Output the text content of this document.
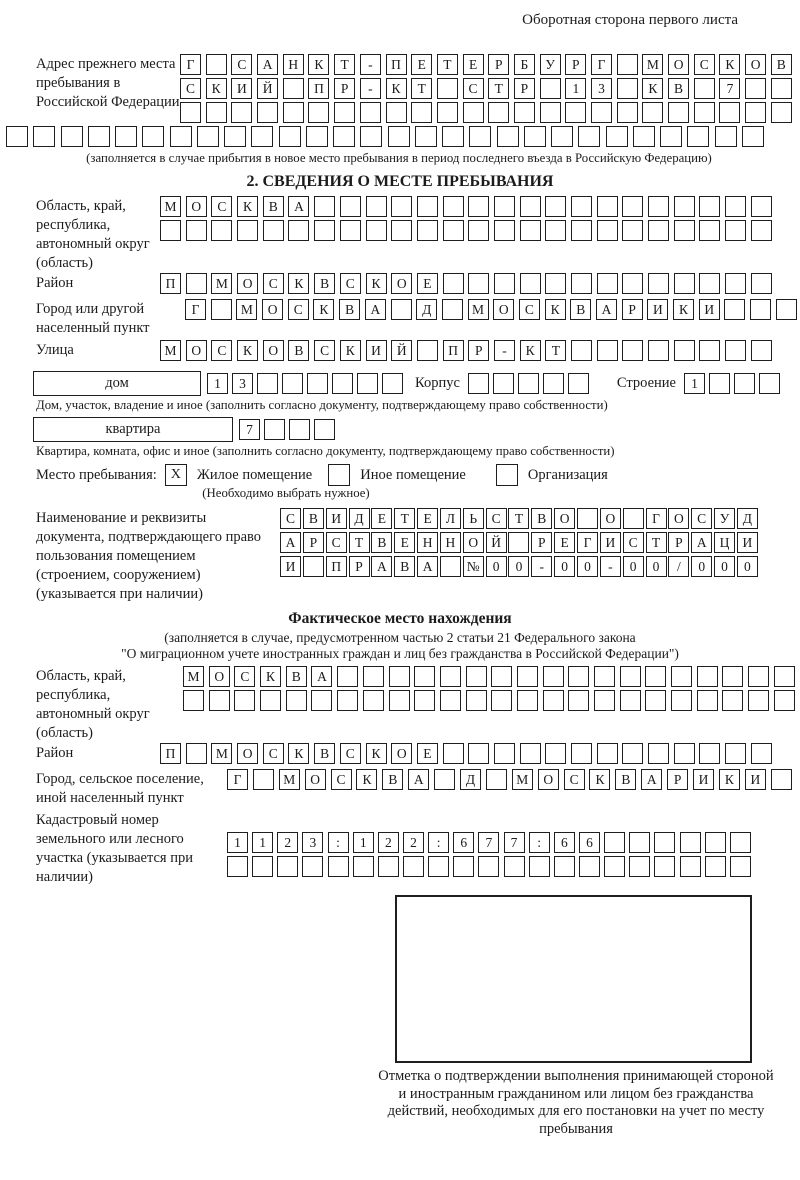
Оборотная сторона первого листа
Адрес прежнего места пребывания в Российской Федерации
Г	С	А	Н	К	Т	-	П	Е	Т	Е	Р	Б	У	Р	Г	М	О	С	К	О	В
С	К	И	Й	П	Р	-	К	Т	С	Т	Р	1	3	К	В	7
(заполняется в случае прибытия в новое место пребывания в период последнего въезда в Российскую Федерацию)
2. СВЕДЕНИЯ О МЕСТЕ ПРЕБЫВАНИЯ
Область, край, республика, автономный округ (область)
М	О	С	К	В	А
Район	П	М	О	С	К	В	С	К	О	Е
Город или другой населенный пункт
Г	М	О	С	К	В	А	Д	М	О	С	К	В	А	Р	И	К	И
Улица	М	О	С	К	О	В	С	К	И	Й	П	Р	-	К	Т
дом	1	3	Корпус	Строение	1
Дом, участок, владение и иное (заполнить согласно документу, подтверждающему право собственности)
квартира	7
Квартира, комната, офис и иное (заполнить согласно документу, подтверждающему право собственности)
Место пребывания: X	Жилое помещение	Иное помещение	Организация
(Необходимо выбрать нужное)
Наименование и реквизиты документа, подтверждающего право пользования помещением (строением, сооружением) (указывается при наличии)
С	В И Д	Е	Т	Е	Л	Ь	С	Т	В О	О	Г	О С	У Д
А	Р	С	Т	В	Е	Н Н О Й	Р	Е	Г	И С	Т	Р	А Ц И
И	П	Р	А В А	№ 0	0	-	0	0	-	0	0	/	0	0	0
Фактическое место нахождения
(заполняется в случае, предусмотренном частью 2 статьи 21 Федерального закона
"О миграционном учете иностранных граждан и лиц без гражданства в Российской Федерации")
Область, край, республика, автономный округ (область)
М	О	С	К	В	А
Район	П	М	О	С	К	В	С	К	О	Е
Город, сельское поселение, иной населенный пункт
Г	М	О	С	К	В	А	Д	М	О	С	К	В	А	Р	И	К	И
Кадастровый номер земельного или лесного участка (указывается при наличии)
1	1	2	3	:	1	2	2	:	6	7	7	:	6	6
Отметка о подтверждении выполнения принимающей стороной и иностранным гражданином или лицом без гражданства действий, необходимых для его постановки на учет по месту пребывания
